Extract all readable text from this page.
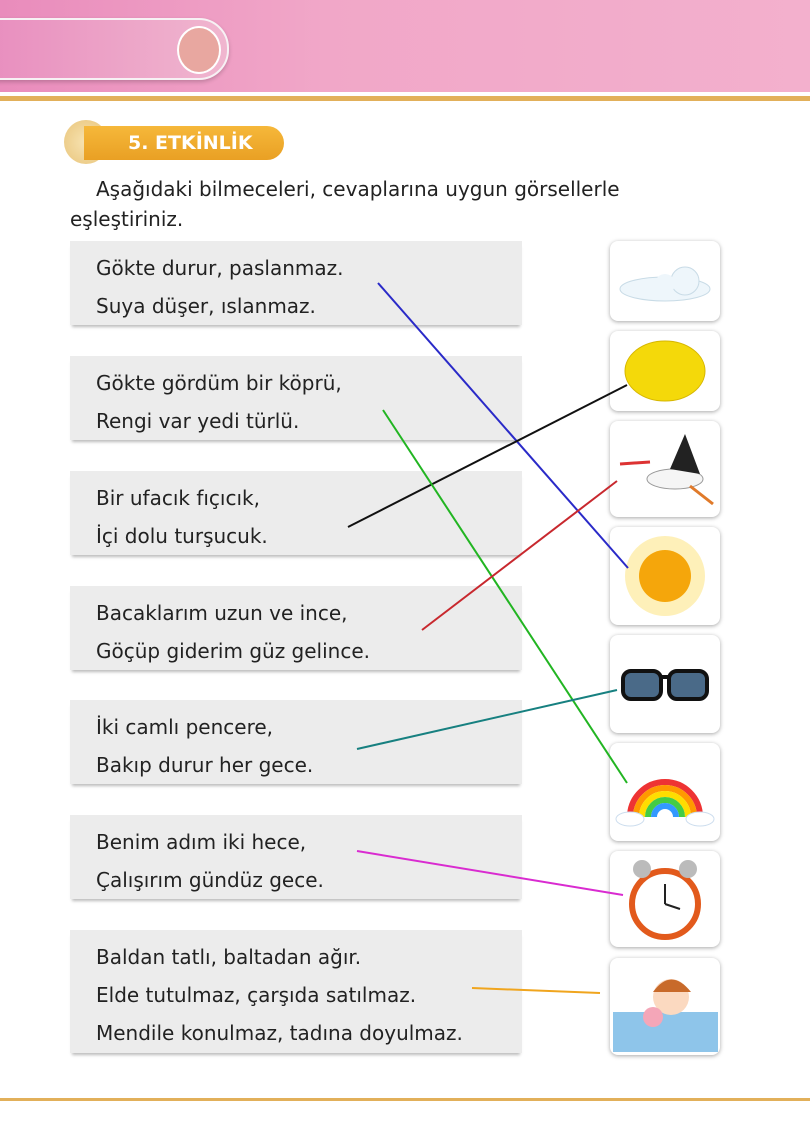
5. ETKİNLİK
Aşağıdaki bilmeceleri, cevaplarına uygun görsellerle eşleştiriniz.
Gökte durur, paslanmaz.
Suya düşer, ıslanmaz.
Gökte gördüm bir köprü,
Rengi var yedi türlü.
Bir ufacık fıçıcık,
İçi dolu turşucuk.
Bacaklarım uzun ve ince,
Göçüp giderim güz gelince.
İki camlı pencere,
Bakıp durur her gece.
Benim adım iki hece,
Çalışırım gündüz gece.
Baldan tatlı, baltadan ağır.
Elde tutulmaz, çarşıda satılmaz.
Mendile konulmaz, tadına doyulmaz.
